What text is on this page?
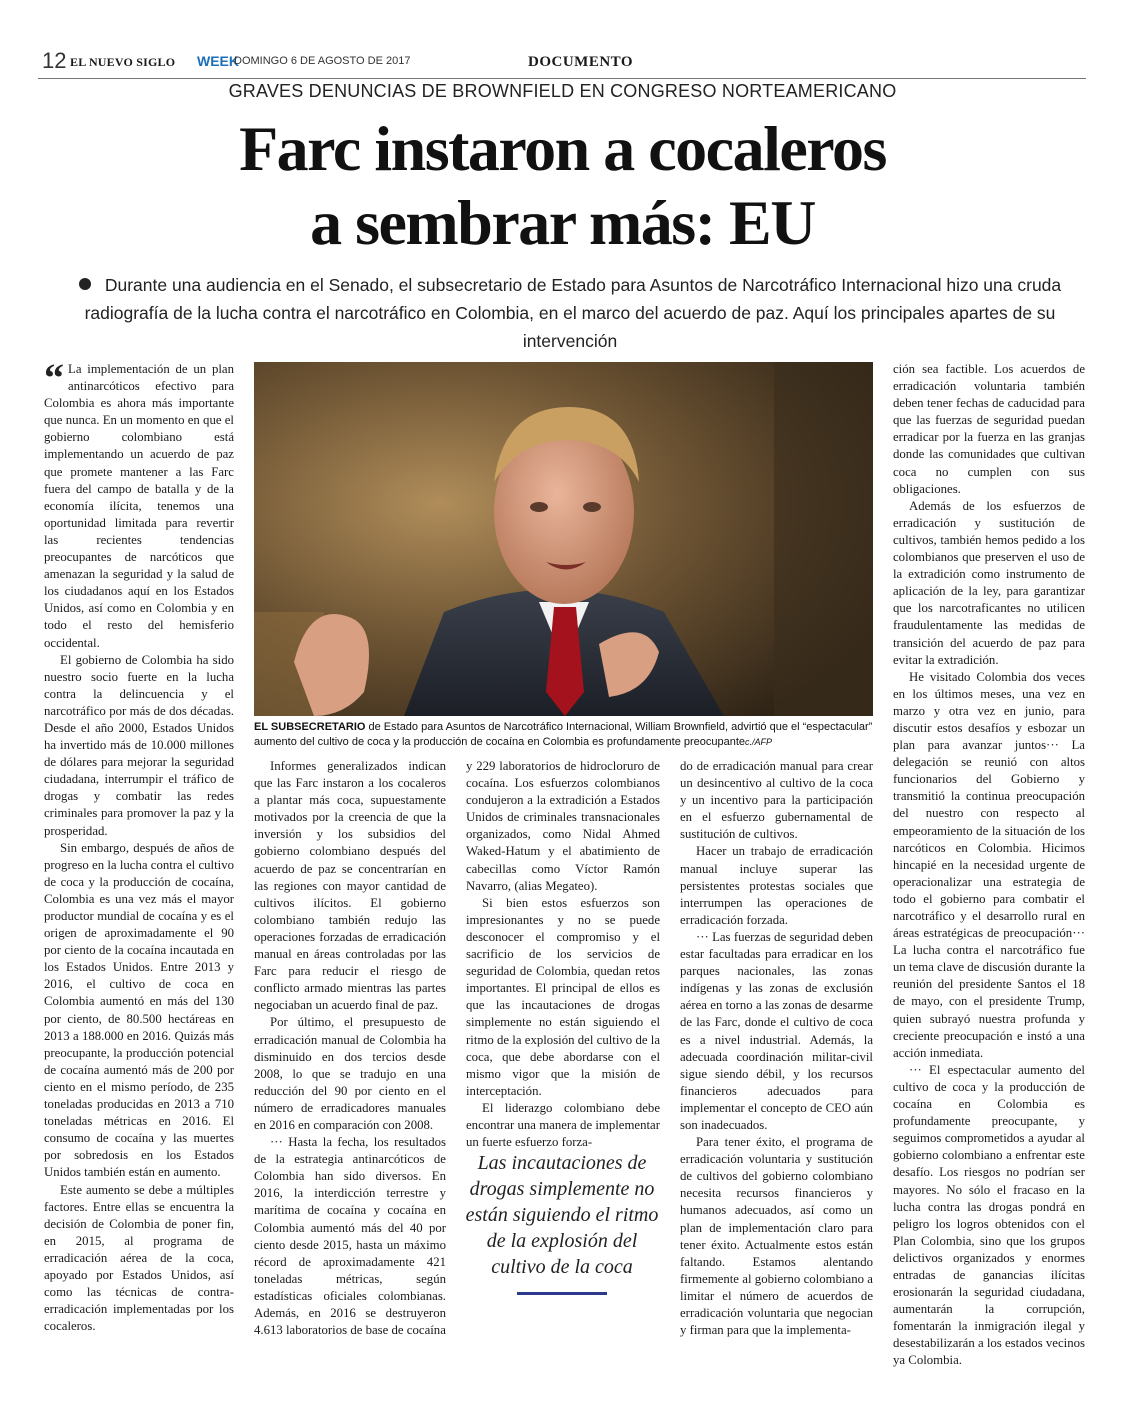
12 EL NUEVO SIGLO WEEK
DOMINGO 6 DE AGOSTO DE 2017	DOCUMENTO
GRAVES DENUNCIAS DE BROWNFIELD EN CONGRESO NORTEAMERICANO
Farc instaron a cocaleros
a sembrar más: EU
Durante una audiencia en el Senado, el subsecretario de Estado para Asuntos de Narcotráfico Internacional hizo una cruda radiografía de la lucha contra el narcotráfico en Colombia, en el marco del acuerdo de paz. Aquí los principales apartes de su intervención

“ La implementación de un plan antinarcóticos efectivo para Colombia es ahora más importante que nunca. En un momento en que el gobierno colombiano está implementando un acuerdo de paz que promete mantener a las Farc fuera del campo de batalla y de la economía ilícita, tenemos una oportunidad limitada para revertir las recientes tendencias preocupantes de narcóticos que amenazan la seguridad y la salud de los ciudadanos aquí en los Estados Unidos, así como en Colombia y en todo el resto del hemisferio occidental.

El gobierno de Colombia ha sido nuestro socio fuerte en la lucha contra la delincuencia y el narcotráfico por más de dos décadas. Desde el año 2000, Estados Unidos ha invertido más de 10.000 millones de dólares para mejorar la seguridad ciudadana, interrumpir el tráfico de drogas y combatir las redes criminales para promover la paz y la prosperidad.

Sin embargo, después de años de progreso en la lucha contra el cultivo de coca y la producción de cocaína, Colombia es una vez más el mayor productor mundial de cocaína y es el origen de aproximadamente el 90 por ciento de la cocaína incautada en los Estados Unidos. Entre 2013 y 2016, el cultivo de coca en Colombia aumentó en más del 130 por ciento, de 80.500 hectáreas en 2013 a 188.000 en 2016. Quizás más preocupante, la producción potencial de cocaína aumentó más de 200 por ciento en el mismo período, de 235 toneladas producidas en 2013 a 710 toneladas métricas en 2016. El consumo de cocaína y las muertes por sobredosis en los Estados Unidos también están en aumento.

Este aumento se debe a múltiples factores. Entre ellas se encuentra la decisión de Colombia de poner fin, en 2015, al programa de erradicación aérea de la coca, apoyado por Estados Unidos, así como las técnicas de contra-erradicación implementadas por los cocaleros.

EL SUBSECRETARIO de Estado para Asuntos de Narcotráfico Internacional, William Brownfield, advirtió que el “espectacular” aumento del cultivo de coca y la producción de cocaína en Colombia es profundamente preocupantec./AFP

Informes generalizados indican que las Farc instaron a los cocaleros a plantar más coca, supuestamente motivados por la creencia de que la inversión y los subsidios del gobierno colombiano después del acuerdo de paz se concentrarían en las regiones con mayor cantidad de cultivos ilícitos. El gobierno colombiano también redujo las operaciones forzadas de erradicación manual en áreas controladas por las Farc para reducir el riesgo de conflicto armado mientras las partes negociaban un acuerdo final de paz.

Por último, el presupuesto de erradicación manual de Colombia ha disminuido en dos tercios desde 2008, lo que se tradujo en una reducción del 90 por ciento en el número de erradicadores manuales en 2016 en comparación con 2008.

··· Hasta la fecha, los resultados de la estrategia antinarcóticos de Colombia han sido diversos. En 2016, la interdicción terrestre y marítima de cocaína y cocaína en Colombia aumentó más del 40 por ciento desde 2015, hasta un máximo récord de aproximadamente 421 toneladas métricas, según estadísticas oficiales colombianas. Además, en 2016 se destruyeron 4.613 laboratorios de base de cocaína

y 229 laboratorios de hidrocloruro de cocaína. Los esfuerzos colombianos condujeron a la extradición a Estados Unidos de criminales transnacionales organizados, como Nidal Ahmed Waked-Hatum y el abatimiento de cabecillas como Víctor Ramón Navarro, (alias Megateo).

Si bien estos esfuerzos son impresionantes y no se puede desconocer el compromiso y el sacrificio de los servicios de seguridad de Colombia, quedan retos importantes. El principal de ellos es que las incautaciones de drogas simplemente no están siguiendo el ritmo de la explosión del cultivo de la coca, que debe abordarse con el mismo vigor que la misión de interceptación.

El liderazgo colombiano debe encontrar una manera de implementar un fuerte esfuerzo forza-

Las incautaciones de drogas simplemente no están siguiendo el ritmo de la explosión del cultivo de la coca

do de erradicación manual para crear un desincentivo al cultivo de la coca y un incentivo para la participación en el esfuerzo gubernamental de sustitución de cultivos.

Hacer un trabajo de erradicación manual incluye superar las persistentes protestas sociales que interrumpen las operaciones de erradicación forzada.

··· Las fuerzas de seguridad deben estar facultadas para erradicar en los parques nacionales, las zonas indígenas y las zonas de exclusión aérea en torno a las zonas de desarme de las Farc, donde el cultivo de coca es a nivel industrial. Además, la adecuada coordinación militar-civil sigue siendo débil, y los recursos financieros adecuados para implementar el concepto de CEO aún son inadecuados.

Para tener éxito, el programa de erradicación voluntaria y sustitución de cultivos del gobierno colombiano necesita recursos financieros y humanos adecuados, así como un plan de implementación claro para tener éxito. Actualmente estos están faltando. Estamos alentando firmemente al gobierno colombiano a limitar el número de acuerdos de erradicación voluntaria que negocian y firman para que la implementa-

ción sea factible. Los acuerdos de erradicación voluntaria también deben tener fechas de caducidad para que las fuerzas de seguridad puedan erradicar por la fuerza en las granjas donde las comunidades que cultivan coca no cumplen con sus obligaciones.

Además de los esfuerzos de erradicación y sustitución de cultivos, también hemos pedido a los colombianos que preserven el uso de la extradición como instrumento de aplicación de la ley, para garantizar que los narcotraficantes no utilicen fraudulentamente las medidas de transición del acuerdo de paz para evitar la extradición.

He visitado Colombia dos veces en los últimos meses, una vez en marzo y otra vez en junio, para discutir estos desafíos y esbozar un plan para avanzar juntos··· La delegación se reunió con altos funcionarios del Gobierno y transmitió la continua preocupación del nuestro con respecto al empeoramiento de la situación de los narcóticos en Colombia. Hicimos hincapié en la necesidad urgente de operacionalizar una estrategia de todo el gobierno para combatir el narcotráfico y el desarrollo rural en áreas estratégicas de preocupación··· La lucha contra el narcotráfico fue un tema clave de discusión durante la reunión del presidente Santos el 18 de mayo, con el presidente Trump, quien subrayó nuestra profunda y creciente preocupación e instó a una acción inmediata.

··· El espectacular aumento del cultivo de coca y la producción de cocaína en Colombia es profundamente preocupante, y seguimos comprometidos a ayudar al gobierno colombiano a enfrentar este desafío. Los riesgos no podrían ser mayores. No sólo el fracaso en la lucha contra las drogas pondrá en peligro los logros obtenidos con el Plan Colombia, sino que los grupos delictivos organizados y enormes entradas de ganancias ilícitas erosionarán la seguridad ciudadana, aumentarán la corrupción, fomentarán la inmigración ilegal y desestabilizarán a los estados vecinos ya Colombia.
